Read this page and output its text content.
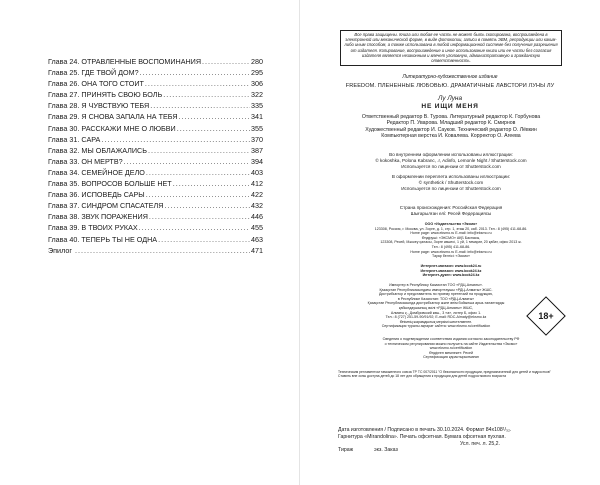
Глава 24. ОТРАВЛЕННЫЕ ВОСПОМИНАНИЯ .....	280
Глава 25. ГДЕ ТВОЙ ДОМ? .....	295
Глава 26. ОНА ТОГО СТОИТ .....	306
Глава 27. ПРИНЯТЬ СВОЮ БОЛЬ .....	322
Глава 28. Я ЧУВСТВУЮ ТЕБЯ .....	335
Глава 29. Я СНОВА ЗАПАЛА НА ТЕБЯ .....	341
Глава 30. РАССКАЖИ МНЕ О ЛЮБВИ .....	355
Глава 31. САРА .....	370
Глава 32. МЫ ОБЛАЖАЛИСЬ .....	387
Глава 33. ОН МЕРТВ? .....	394
Глава 34. СЕМЕЙНОЕ ДЕЛО .....	403
Глава 35. ВОПРОСОВ БОЛЬШЕ НЕТ .....	412
Глава 36. ИСПОВЕДЬ САРЫ .....	422
Глава 37. СИНДРОМ СПАСАТЕЛЯ .....	432
Глава 38. ЗВУК ПОРАЖЕНИЯ .....	446
Глава 39. В ТВОИХ РУКАХ .....	455
Глава 40. ТЕПЕРЬ ТЫ НЕ ОДНА .....	463
Эпилог .....	471
Все права защищены. Книга или любая ее часть не может быть скопирована, воспроизведена в электронной или механической форме, в виде фотокопии, записи в память ЭВМ, репродукции или каким-либо иным способом, а также использована в любой информационной системе без получения разрешения от издателя. Копирование, воспроизведение и иное использование книги или ее части без согласия издателя является незаконным и влечет уголовную, административную и гражданскую ответственность.
Литературно-художественное издание
FREEDOM. ПЛЕНЕННЫЕ ЛЮБОВЬЮ. ДРАМАТИЧНЫЕ ЛАВСТОРИ ЛУНЫ ЛУ
Лу Луна
НЕ ИЩИ МЕНЯ
Ответственный редактор В. Турова. Литературный редактор К. Горбунова
Редактор П. Уварова. Младший редактор К. Смирнов
Художественный редактор И. Сауков. Технический редактор О. Лёвкин
Компьютерная верстка И. Ковалева. Корректор О. Агеева
Во внутреннем оформлении использованы иллюстрации:
© kokoshka, Polona Kabranc, .r, Adinfo, Lemonle Night / Shutterstock.com
Используется по лицензии от Shutterstock.com
В оформлении переплета использованы иллюстрации:
© synthetick / Shutterstock.com
Используется по лицензии от Shutterstock.com
Страна происхождения: Российская Федерация
Шығарылған елі: Ресей Федерациясы
ООО «Издательство «Эксмо»
123308, Россия, г. Москва, ул. Зорге, д. 1, стр. 1, этаж 20, каб. 2013. Тел.: 8 (495) 411-68-86.
Home page: www.eksmo.ru E-mail: info@eksmo.ru
Өндіруші: «ЭКСМО» АҚБ Баспасы,
123308, Ресей, Мәскеу қаласы, Зорге көшесі, 1 үй, 1 ғимарат, 20 қабат, офис 2013 ж.
Тел.: 8 (495) 411-68-86.
Home page: www.eksmo.ru E-mail: info@eksmo.ru
Тауар белгісі: «Эксмо»
Интернет-магазин: www.book24.ru
Интернет-магазин: www.book24.kz
Интернет-дүкен: www.book24.kz
Импортер в Республику Казахстан ТОО «РДЦ-Алматы».
Қазақстан Республикасындағы импорттаушы «РДЦ-Алматы» ЖШС.
Дистрибьютор и представитель по приему претензий на продукцию,
в Республике Казахстан: ТОО «РДЦ-Алматы»
Қазақстан Республикасында дистрибьютор және өнім бойынша арыз-талаптарды
қабылдаушының өкілі «РДЦ-Алматы» ЖШС,
Алматы қ., Домбровский көш., 3 «а», литер Б, офис 1.
Тел.: 8 (727) 251-59-90/91/92; E-mail: RDC-Almaty@eksmo.kz
Өнімнің жарамдылық мерзімі шектелмеген.
Сертификация туралы ақпарат сайтта: www.eksmo.ru/certification
18+
Сведения о подтверждении соответствия издания согласно законодательству РФ
о техническом регулировании можно получить на сайте Издательства «Эксмо»
www.eksmo.ru/certification
Өндірген мемлекет: Ресей
Сертификация қарастырылмаған
Техническим регламентом таможенного союза ТР ТС 007/2011 "О безопасности продукции, предназначенной для детей и подростков"
Ставить вне зоны доступа детей до 18 лет для обращения к продукции для детей подросткового возраста
Дата изготовления / Подписано в печать 30.10.2024. Формат 84x108¹/₃₂.
Гарнитура «Mirandolina». Печать офсетная. Бумага офсетная пухлая.
Усл. печ. л. 25,2.
Тираж	экз. Заказ
